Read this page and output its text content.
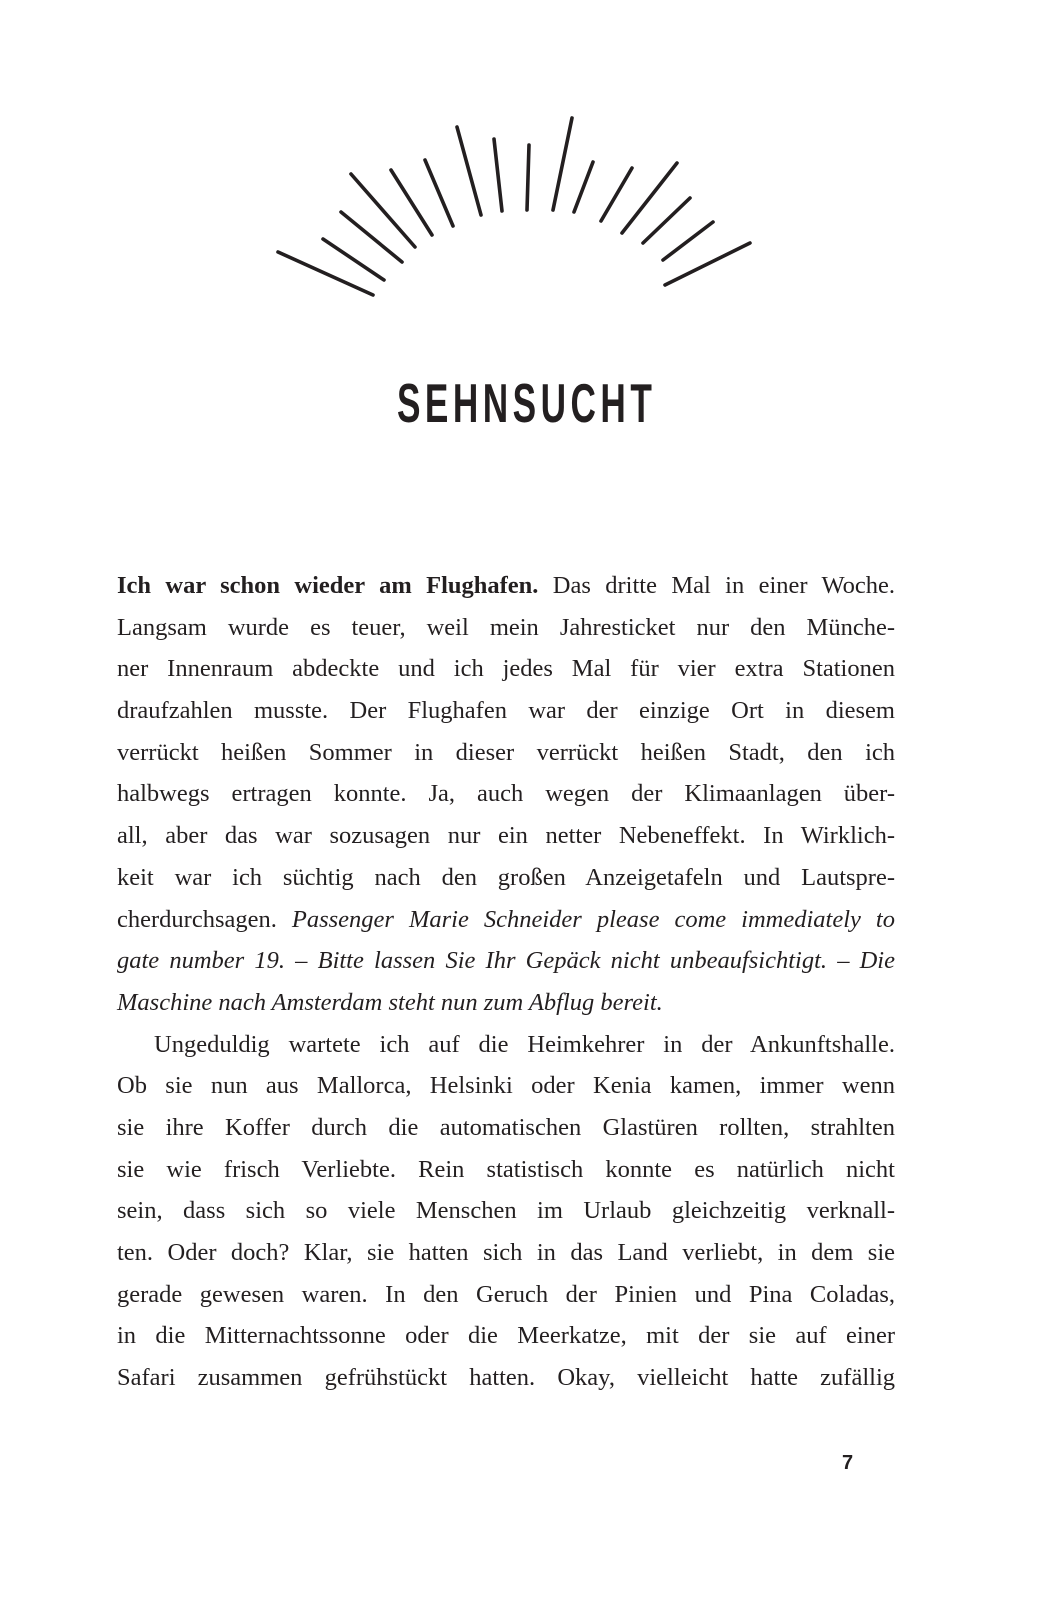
SEHNSUCHT
Ich war schon wieder am Flughafen. Das dritte Mal in einer Woche.
Langsam wurde es teuer, weil mein Jahresticket nur den Münche-
ner Innenraum abdeckte und ich jedes Mal für vier extra Stationen
draufzahlen musste. Der Flughafen war der einzige Ort in diesem
verrückt heißen Sommer in dieser verrückt heißen Stadt, den ich
halbwegs ertragen konnte. Ja, auch wegen der Klimaanlagen über-
all, aber das war sozusagen nur ein netter Nebeneffekt. In Wirklich-
keit war ich süchtig nach den großen Anzeigetafeln und Lautspre-
cherdurchsagen. Passenger Marie Schneider please come immediately to
gate number 19. – Bitte lassen Sie Ihr Gepäck nicht unbeaufsichtigt. – Die
Maschine nach Amsterdam steht nun zum Abflug bereit.
Ungeduldig wartete ich auf die Heimkehrer in der Ankunftshalle.
Ob sie nun aus Mallorca, Helsinki oder Kenia kamen, immer wenn
sie ihre Koffer durch die automatischen Glastüren rollten, strahlten
sie wie frisch Verliebte. Rein statistisch konnte es natürlich nicht
sein, dass sich so viele Menschen im Urlaub gleichzeitig verknall-
ten. Oder doch? Klar, sie hatten sich in das Land verliebt, in dem sie
gerade gewesen waren. In den Geruch der Pinien und Pina Coladas,
in die Mitternachtssonne oder die Meerkatze, mit der sie auf einer
Safari zusammen gefrühstückt hatten. Okay, vielleicht hatte zufällig
7
